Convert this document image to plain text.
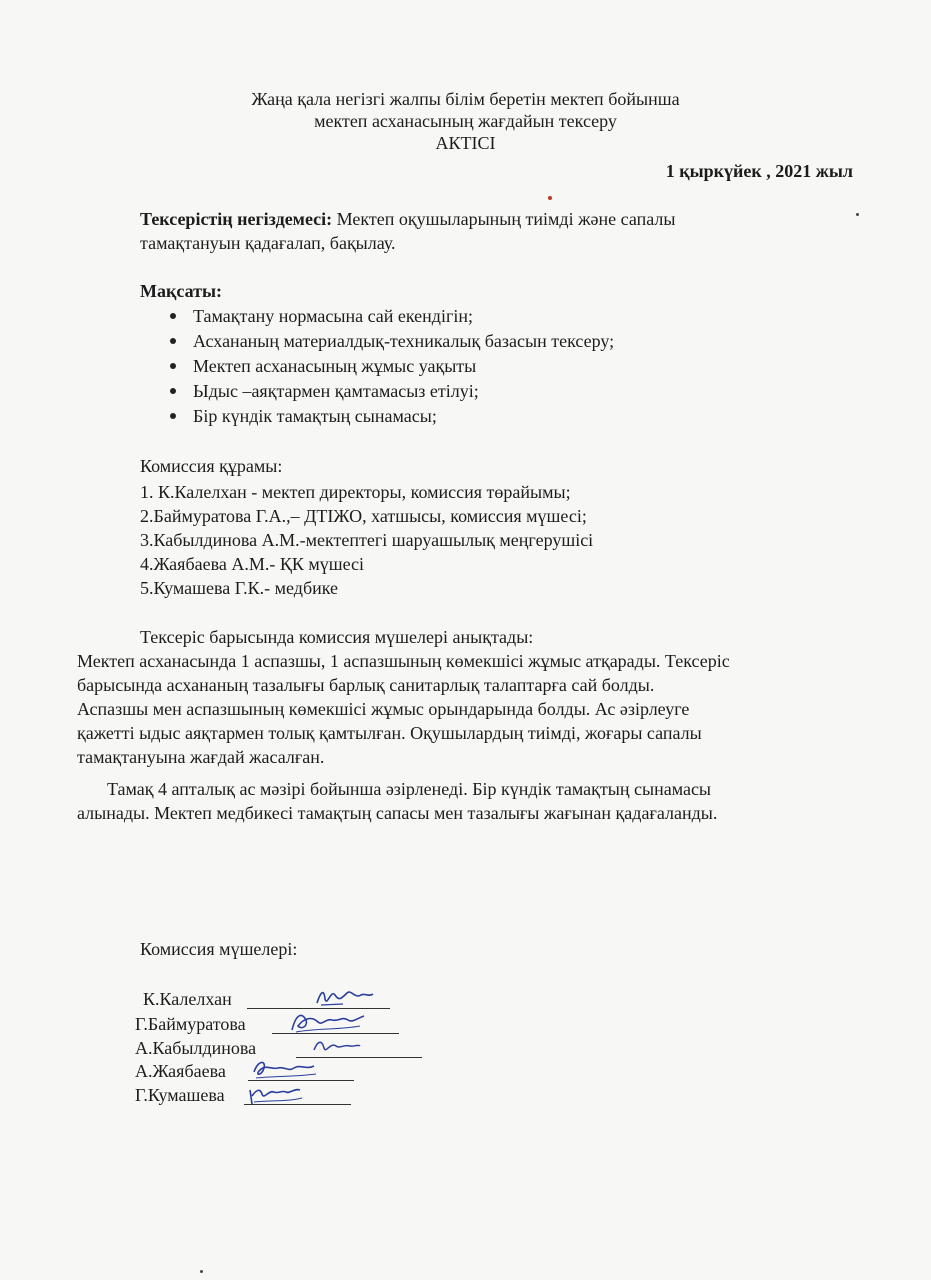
Жаңа қала негізгі жалпы білім беретін мектеп бойынша
мектеп асханасының жағдайын тексеру
АКТІСІ
1 қыркүйек , 2021 жыл
Тексерістің негіздемесі: Мектеп оқушыларының тиімді және сапалы
тамақтануын қадағалап, бақылау.
Мақсаты:
Тамақтану нормасына сай екендігін;
Асхананың материалдық-техникалық базасын тексеру;
Мектеп асханасының жұмыс уақыты
Ыдыс –аяқтармен қамтамасыз етілуі;
Бір күндік тамақтың сынамасы;
Комиссия құрамы:
1. К.Калелхан - мектеп директоры, комиссия төрайымы;
2.Баймуратова Г.А.,– ДТІЖО, хатшысы, комиссия мүшесі;
3.Кабылдинова А.М.-мектептегі шаруашылық меңгерушісі
4.Жаябаева А.М.- ҚК мүшесі
5.Кумашева Г.К.- медбике
Тексеріс барысында комиссия мүшелері анықтады:
Мектеп асханасында 1 аспазшы, 1 аспазшының көмекшісі жұмыс атқарады. Тексеріс
барысында асхананың тазалығы барлық санитарлық талаптарға сай болды.
Аспазшы мен аспазшының көмекшісі жұмыс орындарында болды. Ас әзірлеуге
қажетті ыдыс аяқтармен толық қамтылған. Оқушылардың тиімді, жоғары сапалы
тамақтануына жағдай жасалған.
Тамақ 4 апталық ас мәзірі бойынша әзірленеді. Бір күндік тамақтың сынамасы
алынады. Мектеп медбикесі тамақтың сапасы мен тазалығы жағынан қадағаланды.
Комиссия мүшелері:
К.Калелхан
Г.Баймуратова
А.Кабылдинова
А.Жаябаева
Г.Кумашева
